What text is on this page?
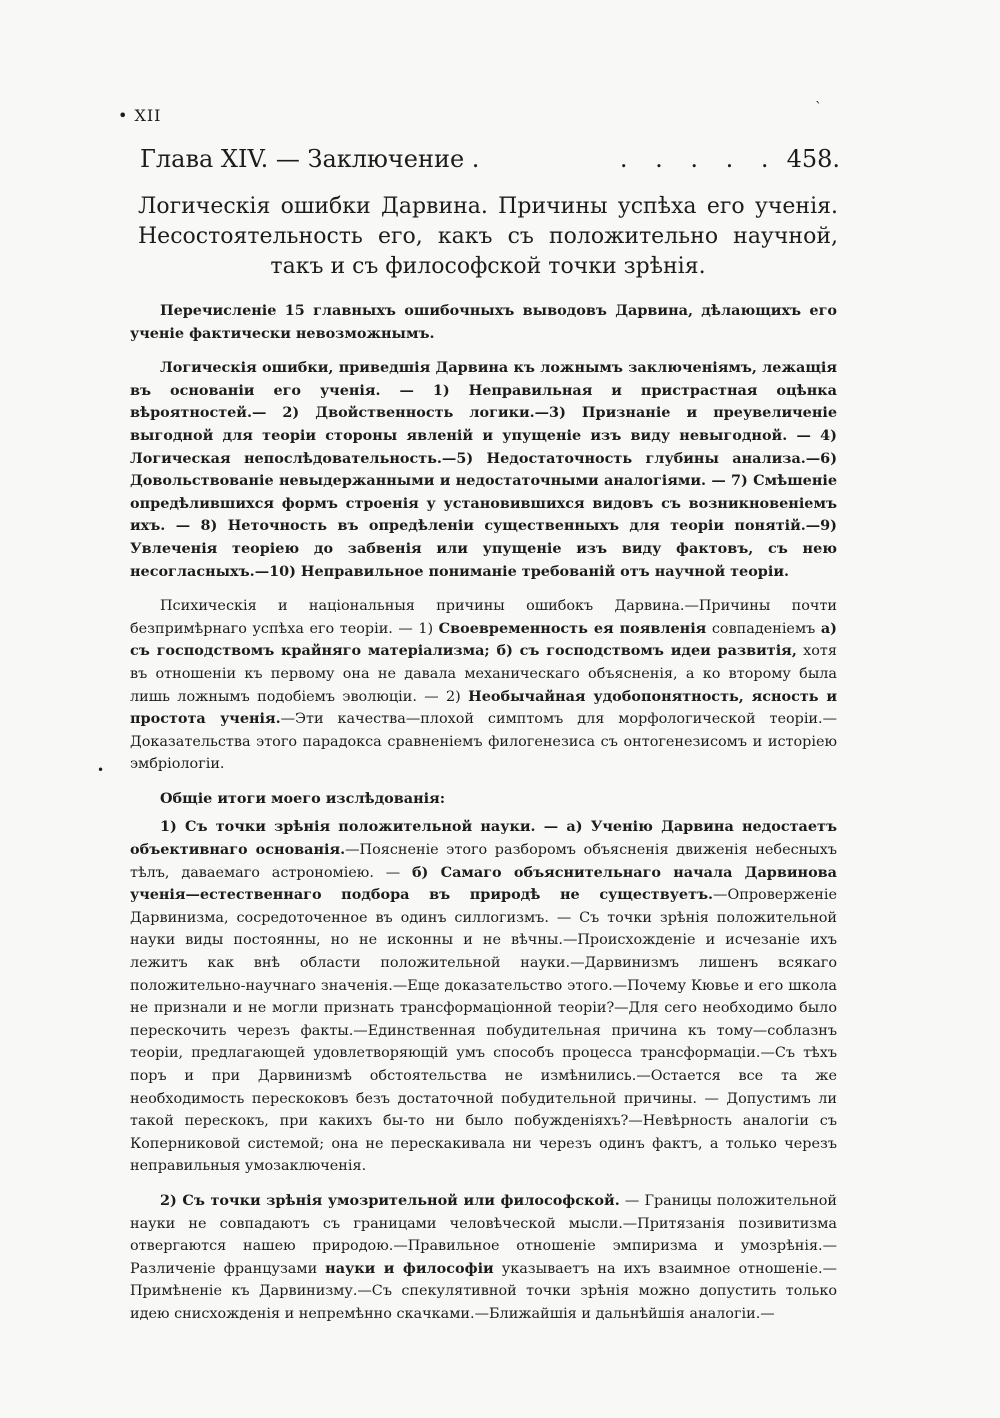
• XII	`
Глава XIV. — Заключение .	. . . . . 458.
Логическія ошибки Дарвина. Причины успѣха его ученія. Несостоятельность его, какъ съ положительно научной, такъ и съ философской точки зрѣнія.

Перечисленіе 15 главныхъ ошибочныхъ выводовъ Дарвина, дѣлающихъ его ученіе фактически невозможнымъ.

Логическія ошибки, приведшія Дарвина къ ложнымъ заключеніямъ, лежащія въ основаніи его ученія. — 1) Неправильная и пристрастная оцѣнка вѣроятностей.— 2) Двойственность логики.—3) Признаніе и преувеличеніе выгодной для теоріи стороны явленій и упущеніе изъ виду невыгодной. — 4) Логическая непослѣдовательность.—5) Недостаточность глубины анализа.—6) Довольствованіе невыдержанными и недостаточными аналогіями. — 7) Смѣшеніе опредѣлившихся формъ строенія у установившихся видовъ съ возникновеніемъ ихъ. — 8) Неточность въ опредѣленіи существенныхъ для теоріи понятій.—9) Увлеченія теоріею до забвенія или упущеніе изъ виду фактовъ, съ нею несогласныхъ.—10) Неправильное пониманіе требованій отъ научной теоріи.

Психическія и національныя причины ошибокъ Дарвина.—Причины почти безпримѣрнаго успѣха его теоріи. — 1) Своевременность ея появленія совпаденіемъ а) съ господствомъ крайняго матеріализма; б) съ господствомъ идеи развитія, хотя въ отношеніи къ первому она не давала механическаго объясненія, а ко второму была лишь ложнымъ подобіемъ эволюціи. — 2) Необычайная удобопонятность, ясность и простота ученія.—Эти качества—плохой симптомъ для морфологической теоріи.—Доказательства этого парадокса сравненіемъ филогенезиса съ онтогенезисомъ и исторіею эмбріологіи.

Общіе итоги моего изслѣдованія:

1) Съ точки зрѣнія положительной науки. — а) Ученію Дарвина недостаетъ объективнаго основанія.—Поясненіе этого разборомъ объясненія движенія небесныхъ тѣлъ, даваемаго астрономіею. — б) Самаго объяснительнаго начала Дарвинова ученія—естественнаго подбора въ природѣ не существуетъ.—Опроверженіе Дарвинизма, сосредоточенное въ одинъ силлогизмъ. — Съ точки зрѣнія положительной науки виды постоянны, но не исконны и не вѣчны.—Происхожденіе и исчезаніе ихъ лежитъ как внѣ области положительной науки.—Дарвинизмъ лишенъ всякаго положительно-научнаго значенія.—Еще доказательство этого.—Почему Кювье и его школа не признали и не могли признать трансформаціонной теоріи?—Для сего необходимо было перескочить черезъ факты.—Единственная побудительная причина къ тому—соблазнъ теоріи, предлагающей удовлетворяющій умъ способъ процесса трансформаціи.—Съ тѣхъ поръ и при Дарвинизмѣ обстоятельства не измѣнились.—Остается все та же необходимость перескоковъ безъ достаточной побудительной причины. — Допустимъ ли такой перескокъ, при какихъ бы-то ни было побужденіяхъ?—Невѣрность аналогіи съ Коперниковой системой; она не перескакивала ни черезъ одинъ фактъ, а только черезъ неправильныя умозаключенія.

2) Съ точки зрѣнія умозрительной или философской. — Границы положительной науки не совпадаютъ съ границами человѣческой мысли.—Притязанія позивитизма отвергаются нашею природою.—Правильное отношеніе эмпиризма и умозрѣнія.—Различеніе французами науки и философіи указываетъ на ихъ взаимное отношеніе.—Примѣненіе къ Дарвинизму.—Съ спекулятивной точки зрѣнія можно допустить только идею снисхожденія и непремѣнно скачками.—Ближайшія и дальнѣйшія аналогіи.—

•
